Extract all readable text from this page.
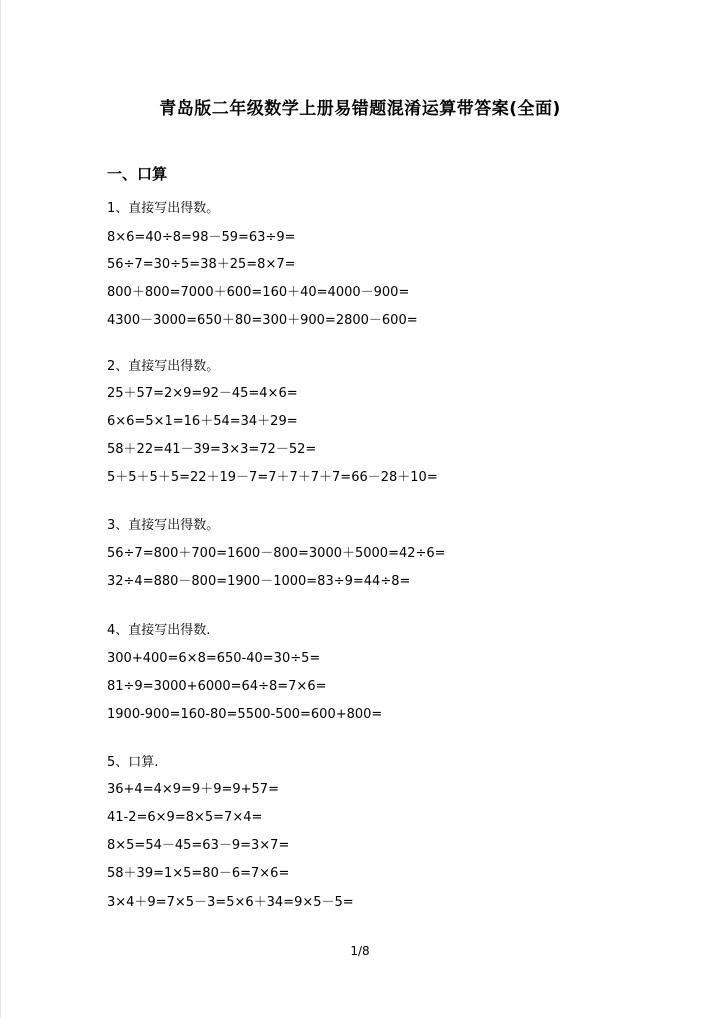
青岛版二年级数学上册易错题混淆运算带答案(全面)
一、口算
1、直接写出得数。
8×6=40÷8=98－59=63÷9=
56÷7=30÷5=38＋25=8×7=
800＋800=7000＋600=160＋40=4000－900=
4300－3000=650＋80=300＋900=2800－600=
2、直接写出得数。
25＋57=2×9=92－45=4×6=
6×6=5×1=16＋54=34＋29=
58＋22=41－39=3×3=72－52=
5＋5＋5＋5=22＋19－7=7＋7＋7＋7=66－28＋10=
3、直接写出得数。
56÷7=800＋700=1600－800=3000＋5000=42÷6=
32÷4=880－800=1900－1000=83÷9=44÷8=
4、直接写出得数.
300+400=6×8=650-40=30÷5=
81÷9=3000+6000=64÷8=7×6=
1900-900=160-80=5500-500=600+800=
5、口算.
36+4=4×9=9＋9=9+57=
41-2=6×9=8×5=7×4=
8×5=54－45=63－9=3×7=
58＋39=1×5=80－6=7×6=
3×4＋9=7×5－3=5×6＋34=9×5－5=
1/8
